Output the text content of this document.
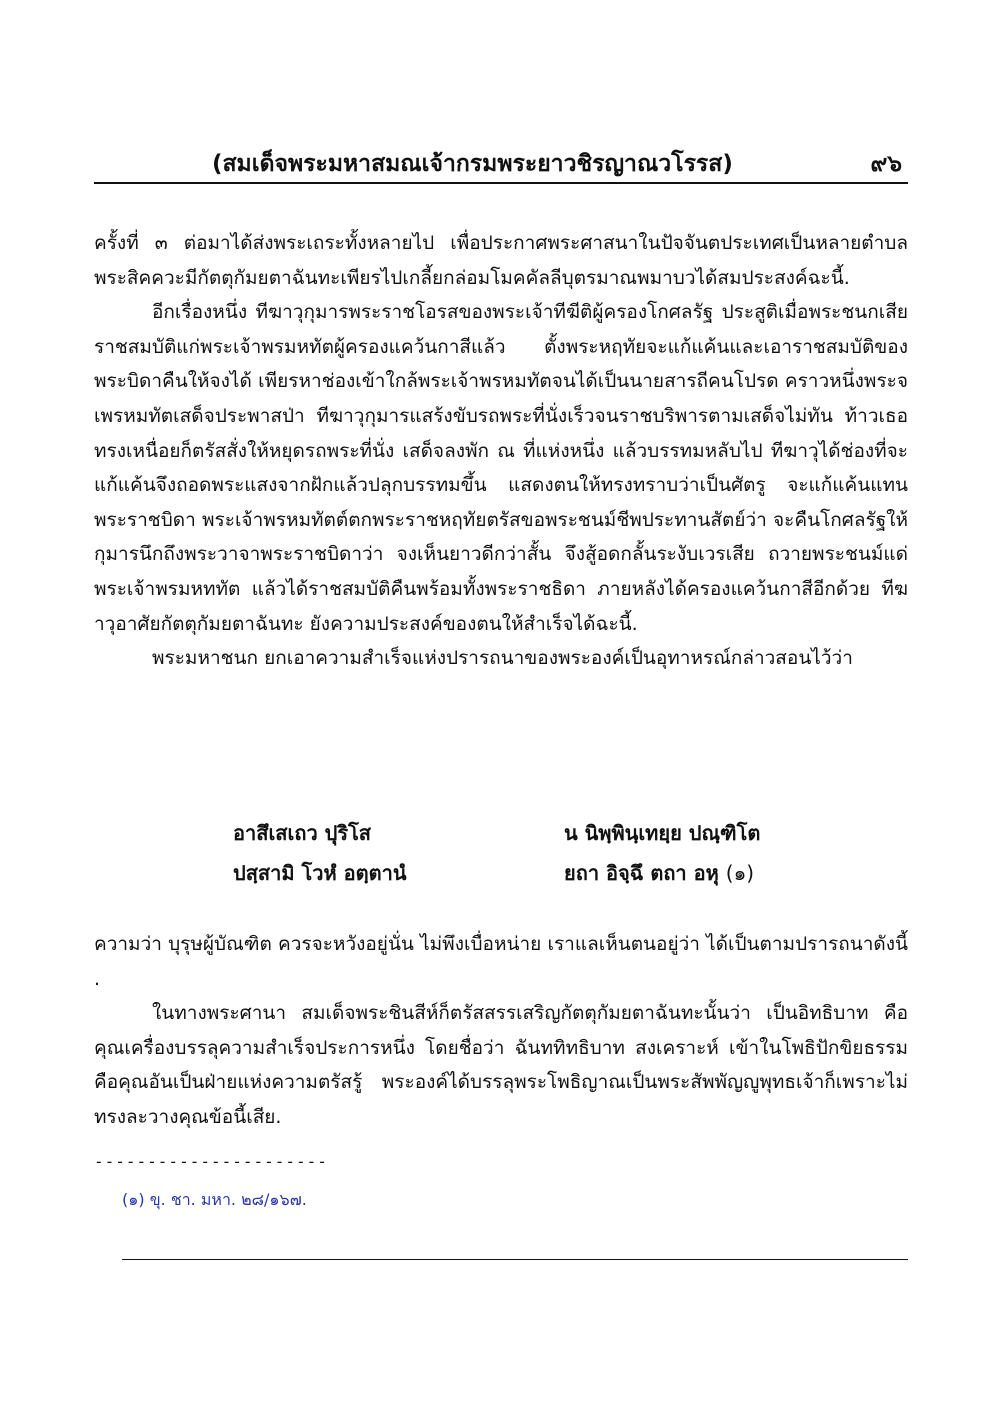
(สมเด็จพระมหาสมณเจ้ากรมพระยาวชิรญาณวโรรส)	๙๖

ครั้งที่ ๓ ต่อมาได้ส่งพระเถระทั้งหลายไป เพื่อประกาศพระศาสนาในปัจจันตประเทศเป็นหลายตำบล พระสิคควะมีกัตตุกัมยตาฉันทะเพียรไปเกลี้ยกล่อมโมคคัลลีบุตรมาณพมาบวได้สมประสงค์ฉะนี้.

อีกเรื่องหนึ่ง ทีฆาวุกุมารพระราชโอรสของพระเจ้าทีฆีติผู้ครองโกศลรัฐ ประสูติเมื่อพระชนกเสียราชสมบัติแก่พระเจ้าพรมหทัตผู้ครองแคว้นกาสีแล้ว ตั้งพระหฤทัยจะแก้แค้นและเอาราชสมบัติของพระบิดาคืนให้จงได้ เพียรหาช่องเข้าใกล้พระเจ้าพรหมทัตจนได้เป็นนายสารถีคนโปรด คราวหนึ่งพระจเพรหมทัตเสด็จประพาสป่า ทีฆาวุกุมารแสร้งขับรถพระที่นั่งเร็วจนราชบริพารตามเสด็จไม่ทัน ท้าวเธอทรงเหนื่อยก็ตรัสสั่งให้หยุดรถพระที่นั่ง เสด็จลงพัก ณ ที่แห่งหนึ่ง แล้วบรรทมหลับไป ทีฆาวุได้ช่องที่จะแก้แค้นจึงถอดพระแสงจากฝักแล้วปลุกบรรทมขึ้น แสดงตนให้ทรงทราบว่าเป็นศัตรู จะแก้แค้นแทนพระราชบิดา พระเจ้าพรหมทัตต์ตกพระราชหฤทัยตรัสขอพระชนม์ชีพประทานสัตย์ว่า จะคืนโกศลรัฐให้ กุมารนึกถึงพระวาจาพระราชบิดาว่า จงเห็นยาวดีกว่าสั้น จึงสู้อดกลั้นระงับเวรเสีย ถวายพระชนม์แด่พระเจ้าพรมหททัต แล้วได้ราชสมบัติคืนพร้อมทั้งพระราชธิดา ภายหลังได้ครองแคว้นกาสีอีกด้วย ทีฆาวุอาศัยกัตตุกัมยตาฉันทะ ยังความประสงค์ของตนให้สำเร็จได้ฉะนี้.

พระมหาชนก ยกเอาความสำเร็จแห่งปรารถนาของพระองค์เป็นอุทาหรณ์กล่าวสอนไว้ว่า

อาสึเสเถว ปุริโส	น นิพฺพินฺเทยฺย ปณฺฑิโต
ปสฺสามิ โวหํ อตฺตานํ	ยถา อิจฺฉึ ตถา อหุ (๑)

ความว่า บุรุษผู้บัณฑิต ควรจะหวังอยู่นั่น ไม่พึงเบื่อหน่าย เราแลเห็นตนอยู่ว่า ได้เป็นตามปรารถนาดังนี้ .

ในทางพระศานา สมเด็จพระชินสีห์ก็ตรัสสรรเสริญกัตตุกัมยตาฉันทะนั้นว่า เป็นอิทธิบาท คือคุณเครื่องบรรลุความสำเร็จประการหนึ่ง โดยชื่อว่า ฉันททิทธิบาท สงเคราะห์ เข้าในโพธิปักขิยธรรม คือคุณอันเป็นฝ่ายแห่งความตรัสรู้ พระองค์ได้บรรลุพระโพธิญาณเป็นพระสัพพัญญูพุทธเจ้าก็เพราะไม่ทรงละวางคุณข้อนี้เสีย.

----------------------
(๑) ขุ. ชา. มหา. ๒๘/๑๖๗.
